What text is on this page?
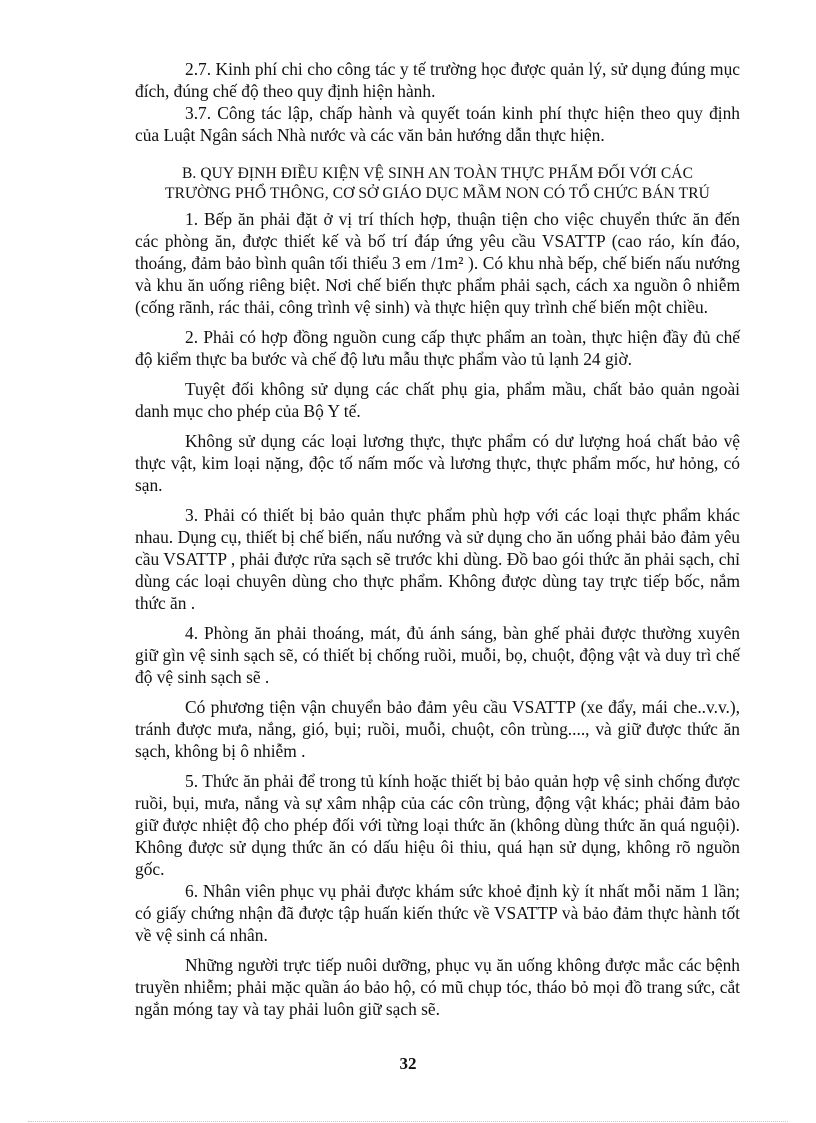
2.7. Kinh phí chi cho công tác y tế trường học được quản lý, sử dụng đúng mục đích, đúng chế độ theo quy định hiện hành.

3.7. Công tác lập, chấp hành và quyết toán kinh phí thực hiện theo quy định của Luật Ngân sách Nhà nước và các văn bản hướng dẫn thực hiện.

B. QUY ĐỊNH ĐIỀU KIỆN VỆ SINH AN TOÀN THỰC PHẨM ĐỐI VỚI CÁC TRƯỜNG PHỔ THÔNG, CƠ SỞ GIÁO DỤC MẦM NON CÓ TỔ CHỨC BÁN TRÚ

1. Bếp ăn phải đặt ở vị trí thích hợp, thuận tiện cho việc chuyển thức ăn đến các phòng ăn, được thiết kế và bố trí đáp ứng yêu cầu VSATTP (cao ráo, kín đáo, thoáng, đảm bảo bình quân tối thiểu 3 em /1m² ). Có khu nhà bếp, chế biến nấu nướng và khu ăn uống riêng biệt. Nơi chế biến thực phẩm phải sạch, cách xa nguồn ô nhiễm (cống rãnh, rác thải, công trình vệ sinh) và thực hiện quy trình chế biến một chiều.

2. Phải có hợp đồng nguồn cung cấp thực phẩm an toàn, thực hiện đầy đủ chế độ kiểm thực ba bước và chế độ lưu mẫu thực phẩm vào tủ lạnh 24 giờ.

Tuyệt đối không sử dụng các chất phụ gia, phẩm mầu, chất bảo quản ngoài danh mục cho phép của Bộ Y tế.

Không sử dụng các loại lương thực, thực phẩm có dư lượng hoá chất bảo vệ thực vật, kim loại nặng, độc tố nấm mốc và lương thực, thực phẩm mốc, hư hỏng, có sạn.

3. Phải có thiết bị bảo quản thực phẩm phù hợp với các loại thực phẩm khác nhau. Dụng cụ, thiết bị chế biến, nấu nướng và sử dụng cho ăn uống phải bảo đảm yêu cầu VSATTP , phải được rửa sạch sẽ trước khi dùng. Đồ bao gói thức ăn phải sạch, chỉ dùng các loại chuyên dùng cho thực phẩm. Không được dùng tay trực tiếp bốc, nắm thức ăn .

4. Phòng ăn phải thoáng, mát, đủ ánh sáng, bàn ghế phải được thường xuyên giữ gìn vệ sinh sạch sẽ, có thiết bị chống ruồi, muỗi, bọ, chuột, động vật và duy trì chế độ vệ sinh sạch sẽ .

Có phương tiện vận chuyển bảo đảm yêu cầu VSATTP (xe đẩy, mái che..v.v.), tránh được mưa, nắng, gió, bụi; ruồi, muỗi, chuột, côn trùng...., và giữ được thức ăn sạch, không bị ô nhiễm .

5. Thức ăn phải để trong tủ kính hoặc thiết bị bảo quản hợp vệ sinh chống được ruồi, bụi, mưa, nắng và sự xâm nhập của các côn trùng, động vật khác; phải đảm bảo giữ được nhiệt độ cho phép đối với từng loại thức ăn (không dùng thức ăn quá nguội). Không được sử dụng thức ăn có dấu hiệu ôi thiu, quá hạn sử dụng, không rõ nguồn gốc.

6. Nhân viên phục vụ phải được khám sức khoẻ định kỳ ít nhất mỗi năm 1 lần; có giấy chứng nhận đã được tập huấn kiến thức về VSATTP và bảo đảm thực hành tốt về vệ sinh cá nhân.

Những người trực tiếp nuôi dưỡng, phục vụ ăn uống không được mắc các bệnh truyền nhiễm; phải mặc quần áo bảo hộ, có mũ chụp tóc, tháo bỏ mọi đồ trang sức, cắt ngắn móng tay và tay phải luôn giữ sạch sẽ.

32
